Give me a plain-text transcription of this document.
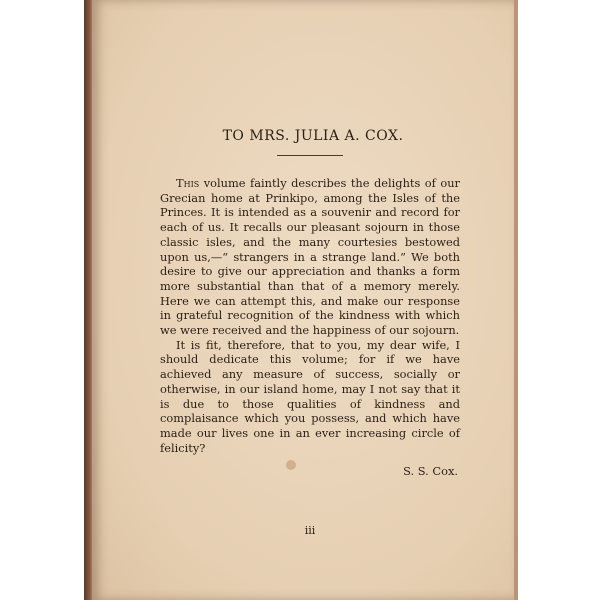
TO MRS. JULIA A. COX.

This volume faintly describes the delights of our Grecian home at Prinkipo, among the Isles of the Princes. It is intended as a souvenir and record for each of us. It recalls our pleasant sojourn in those classic isles, and the many courtesies bestowed upon us,—“ strangers in a strange land.” We both desire to give our appreciation and thanks a form more substantial than that of a memory merely. Here we can attempt this, and make our response in grateful recognition of the kindness with which we were received and the happiness of our sojourn.

It is fit, therefore, that to you, my dear wife, I should dedicate this volume; for if we have achieved any measure of success, socially or otherwise, in our island home, may I not say that it is due to those qualities of kindness and complaisance which you possess, and which have made our lives one in an ever increasing circle of felicity?

S. S. Cox.
iii
